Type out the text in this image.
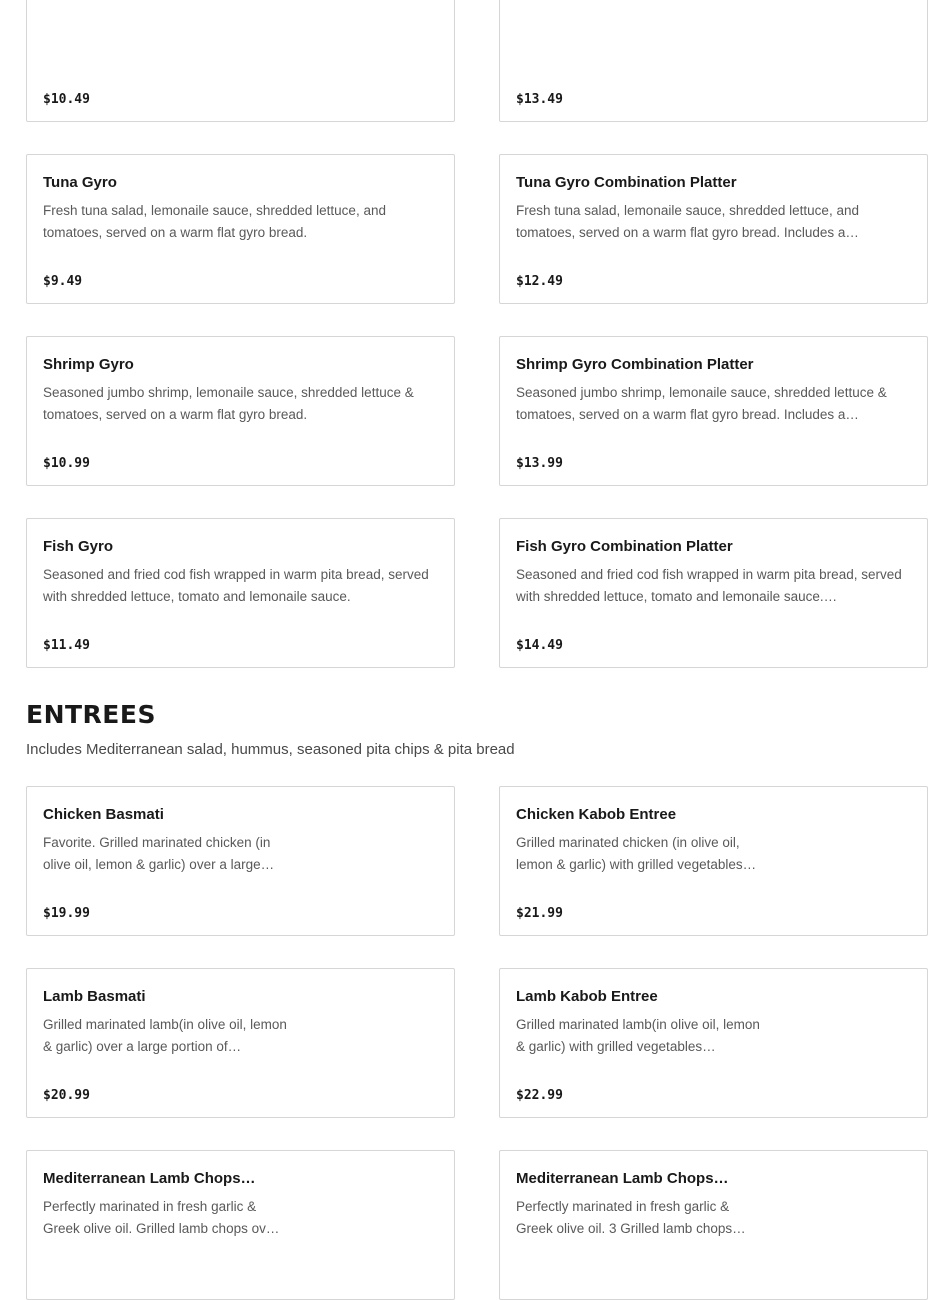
$10.49	$13.49
Tuna Gyro
Fresh tuna salad, lemonaile sauce, shredded lettuce, and tomatoes, served on a warm flat gyro bread.
$9.49
Tuna Gyro Combination Platter
Fresh tuna salad, lemonaile sauce, shredded lettuce, and tomatoes, served on a warm flat gyro bread. Includes a…
$12.49
Shrimp Gyro
Seasoned jumbo shrimp, lemonaile sauce, shredded lettuce & tomatoes, served on a warm flat gyro bread.
$10.99
Shrimp Gyro Combination Platter
Seasoned jumbo shrimp, lemonaile sauce, shredded lettuce & tomatoes, served on a warm flat gyro bread. Includes a…
$13.99
Fish Gyro
Seasoned and fried cod fish wrapped in warm pita bread, served with shredded lettuce, tomato and lemonaile sauce.
$11.49
Fish Gyro Combination Platter
Seasoned and fried cod fish wrapped in warm pita bread, served with shredded lettuce, tomato and lemonaile sauce.…
$14.49
ENTREES
Includes Mediterranean salad, hummus, seasoned pita chips & pita bread
Chicken Basmati
Favorite. Grilled marinated chicken (in olive oil, lemon & garlic) over a large…
$19.99
Chicken Kabob Entree
Grilled marinated chicken (in olive oil, lemon & garlic) with grilled vegetables…
$21.99
Lamb Basmati
Grilled marinated lamb(in olive oil, lemon & garlic) over a large portion of…
$20.99
Lamb Kabob Entree
Grilled marinated lamb(in olive oil, lemon & garlic) with grilled vegetables…
$22.99
Mediterranean Lamb Chops…
Perfectly marinated in fresh garlic & Greek olive oil. Grilled lamb chops ov…
Mediterranean Lamb Chops…
Perfectly marinated in fresh garlic & Greek olive oil. 3 Grilled lamb chops…
